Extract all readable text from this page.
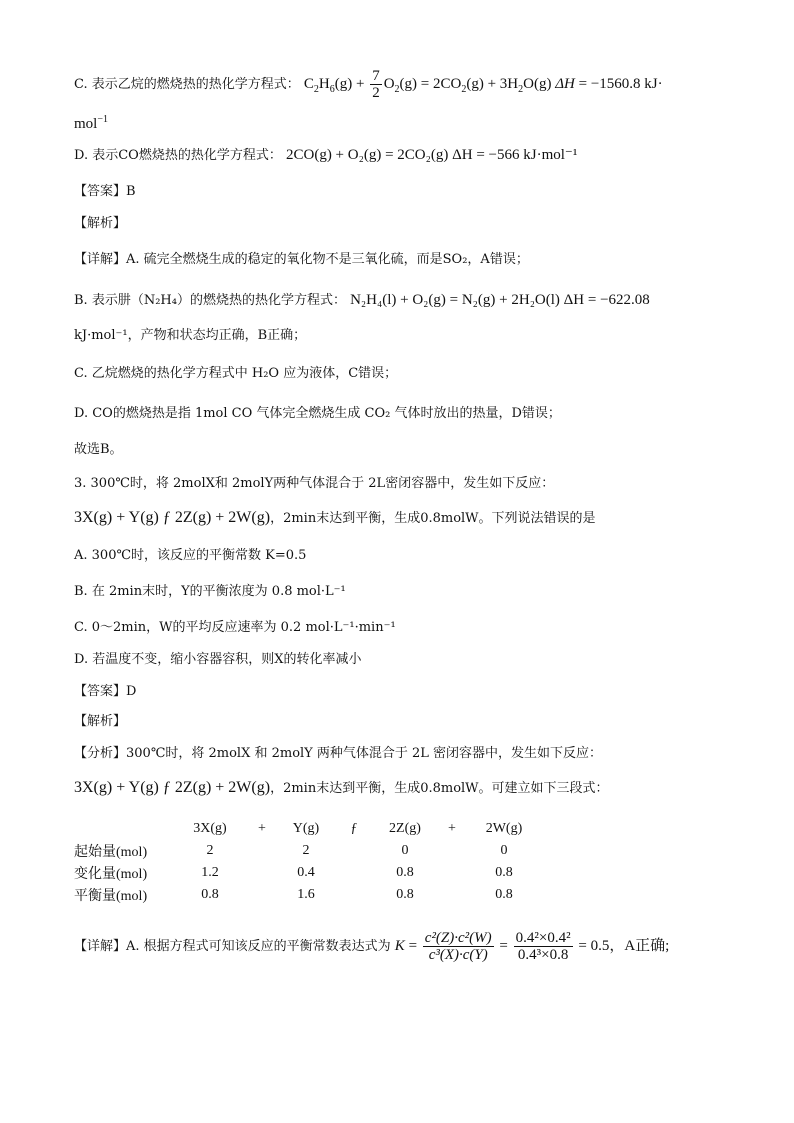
C. 表示乙烷的燃烧热的热化学方程式： $C_2H_6(g) + \frac{7}{2} O_2(g) = 2CO_2(g) + 3H_2O(g) \Delta H = -1560.8$ kJ·
mol$^{-1}$
D. 表示CO燃烧热的热化学方程式： 2CO(g) + O₂(g) = 2CO₂(g) ΔH = −566 kJ·mol⁻¹
【答案】B
【解析】
【详解】A. 硫完全燃烧生成的稳定的氧化物不是三氧化硫，而是SO₂，A错误；
B. 表示肼（N₂H₄）的燃烧热的热化学方程式： N₂H₄(l) + O₂(g) = N₂(g) + 2H₂O(l) ΔH = −622.08
kJ·mol⁻¹，产物和状态均正确，B正确；
C. 乙烷燃烧的热化学方程式中 H₂O 应为液体，C错误；
D. CO的燃烧热是指 1mol CO 气体完全燃烧生成 CO₂ 气体时放出的热量，D错误；
故选B。
3. 300℃时，将 2molX和 2molY两种气体混合于 2L密闭容器中，发生如下反应：
3X(g) + Y(g) ƒ 2Z(g) + 2W(g)，2min末达到平衡，生成0.8molW。下列说法错误的是
A. 300℃时，该反应的平衡常数 K=0.5
B. 在 2min末时，Y的平衡浓度为 0.8 mol·L⁻¹
C. 0～2min，W的平均反应速率为 0.2 mol·L⁻¹·min⁻¹
D. 若温度不变，缩小容器容积，则X的转化率减小
【答案】D
【解析】
【分析】300℃时，将 2molX 和 2molY 两种气体混合于 2L 密闭容器中，发生如下反应：
3X(g) + Y(g) ƒ 2Z(g) + 2W(g)，2min末达到平衡，生成0.8molW。可建立如下三段式：
	3X(g)	+	Y(g)	ƒ	2Z(g)	+	2W(g)
起始量(mol)	2		2		0		0
变化量(mol)	1.2		0.4		0.8		0.8
平衡量(mol)	0.8		1.6		0.8		0.8
【详解】A. 根据方程式可知该反应的平衡常数表达式为 $K = \frac{\text{c²(Z)·c²(W)}}{\text{c³(X)·c(Y)}} = \frac{\text{0.4²×0.4²}}{\text{0.4³×0.8}} = 0.5$，A正确;
